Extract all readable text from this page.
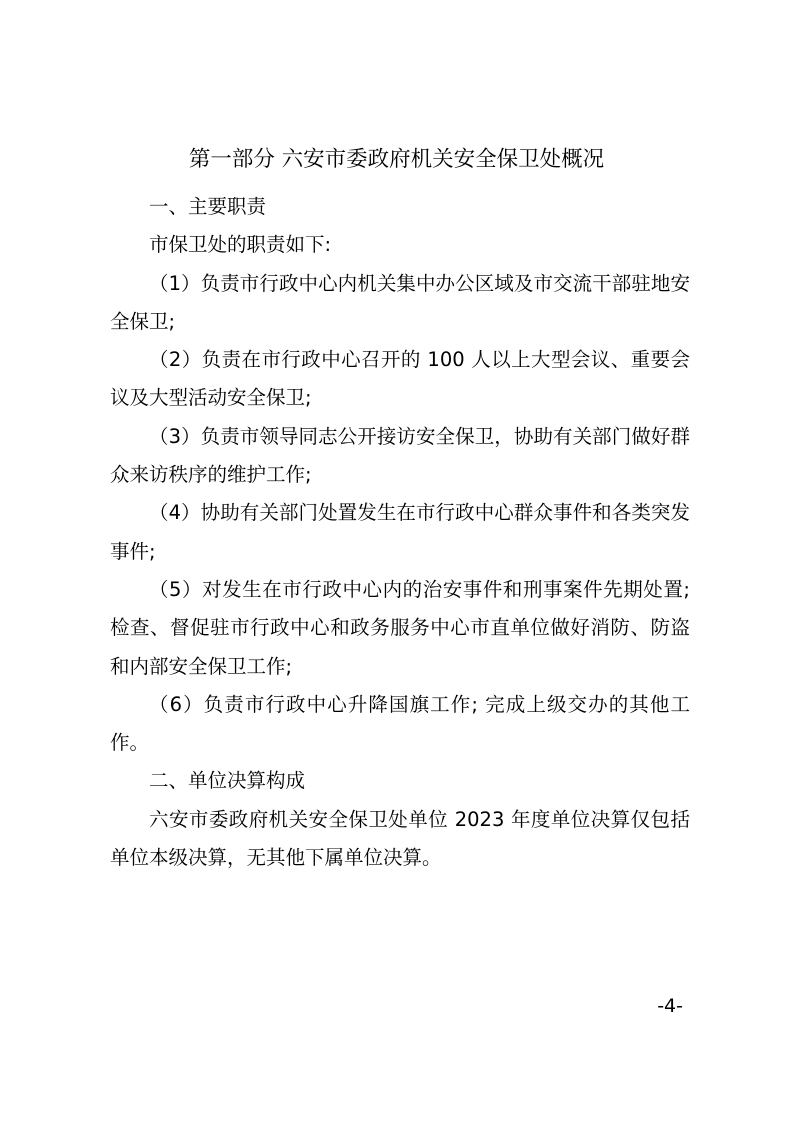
第一部分 六安市委政府机关安全保卫处概况

一、主要职责

市保卫处的职责如下:

（1）负责市行政中心内机关集中办公区域及市交流干部驻地安全保卫;

（2）负责在市行政中心召开的 100 人以上大型会议、重要会议及大型活动安全保卫;

（3）负责市领导同志公开接访安全保卫，协助有关部门做好群众来访秩序的维护工作;

（4）协助有关部门处置发生在市行政中心群众事件和各类突发事件;

（5）对发生在市行政中心内的治安事件和刑事案件先期处置; 检查、督促驻市行政中心和政务服务中心市直单位做好消防、防盗和内部安全保卫工作;

（6）负责市行政中心升降国旗工作; 完成上级交办的其他工作。

二、单位决算构成

六安市委政府机关安全保卫处单位 2023 年度单位决算仅包括单位本级决算，无其他下属单位决算。

-4-
